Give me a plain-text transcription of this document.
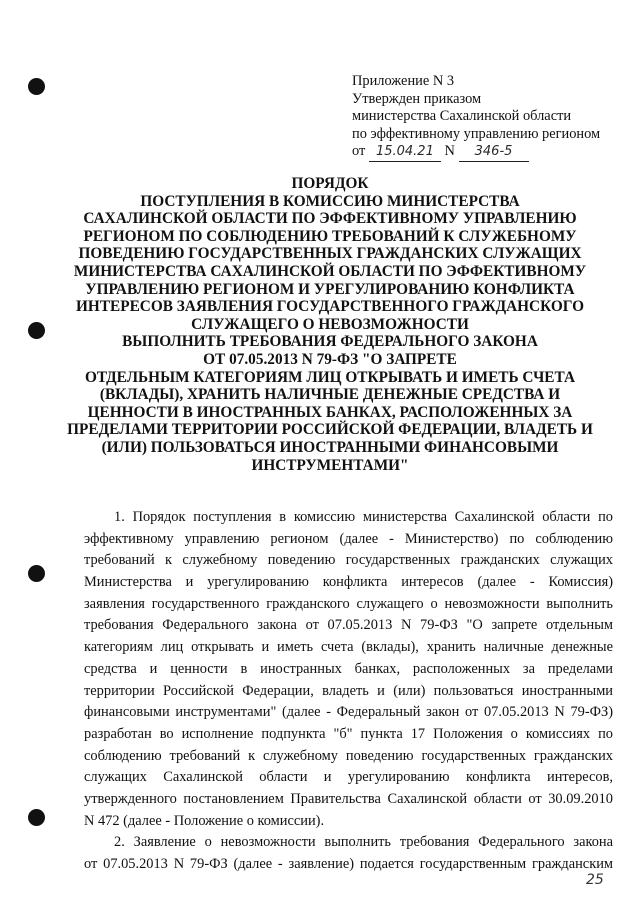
Приложение N 3
Утвержден приказом
министерства Сахалинской области
по эффективному управлению регионом
от 15.04.21 N 346-5
ПОРЯДОК
ПОСТУПЛЕНИЯ В КОМИССИЮ МИНИСТЕРСТВА
САХАЛИНСКОЙ ОБЛАСТИ ПО ЭФФЕКТИВНОМУ УПРАВЛЕНИЮ
РЕГИОНОМ ПО СОБЛЮДЕНИЮ ТРЕБОВАНИЙ К СЛУЖЕБНОМУ
ПОВЕДЕНИЮ ГОСУДАРСТВЕННЫХ ГРАЖДАНСКИХ СЛУЖАЩИХ
МИНИСТЕРСТВА САХАЛИНСКОЙ ОБЛАСТИ ПО ЭФФЕКТИВНОМУ
УПРАВЛЕНИЮ РЕГИОНОМ И УРЕГУЛИРОВАНИЮ КОНФЛИКТА
ИНТЕРЕСОВ ЗАЯВЛЕНИЯ ГОСУДАРСТВЕННОГО ГРАЖДАНСКОГО
СЛУЖАЩЕГО О НЕВОЗМОЖНОСТИ
ВЫПОЛНИТЬ ТРЕБОВАНИЯ ФЕДЕРАЛЬНОГО ЗАКОНА
ОТ 07.05.2013 N 79-ФЗ "О ЗАПРЕТЕ
ОТДЕЛЬНЫМ КАТЕГОРИЯМ ЛИЦ ОТКРЫВАТЬ И ИМЕТЬ СЧЕТА
(ВКЛАДЫ), ХРАНИТЬ НАЛИЧНЫЕ ДЕНЕЖНЫЕ СРЕДСТВА И
ЦЕННОСТИ В ИНОСТРАННЫХ БАНКАХ, РАСПОЛОЖЕННЫХ ЗА
ПРЕДЕЛАМИ ТЕРРИТОРИИ РОССИЙСКОЙ ФЕДЕРАЦИИ, ВЛАДЕТЬ И
(ИЛИ) ПОЛЬЗОВАТЬСЯ ИНОСТРАННЫМИ ФИНАНСОВЫМИ
ИНСТРУМЕНТАМИ"
1. Порядок поступления в комиссию министерства Сахалинской области по
эффективному управлению регионом (далее - Министерство) по соблюдению
требований к служебному поведению государственных гражданских служащих
Министерства и урегулированию конфликта интересов (далее - Комиссия)
заявления государственного гражданского служащего о невозможности выполнить
требования Федерального закона от 07.05.2013 N 79-ФЗ "О запрете отдельным
категориям лиц открывать и иметь счета (вклады), хранить наличные денежные
средства и ценности в иностранных банках, расположенных за пределами
территории Российской Федерации, владеть и (или) пользоваться иностранными
финансовыми инструментами" (далее - Федеральный закон от 07.05.2013 N 79-ФЗ)
разработан во исполнение подпункта "б" пункта 17 Положения о комиссиях по
соблюдению требований к служебному поведению государственных гражданских
служащих Сахалинской области и урегулированию конфликта интересов,
утвержденного постановлением Правительства Сахалинской области от 30.09.2010
N 472 (далее - Положение о комиссии).
2. Заявление о невозможности выполнить требования Федерального закона
от 07.05.2013 N 79-ФЗ (далее - заявление) подается государственным гражданским
25
